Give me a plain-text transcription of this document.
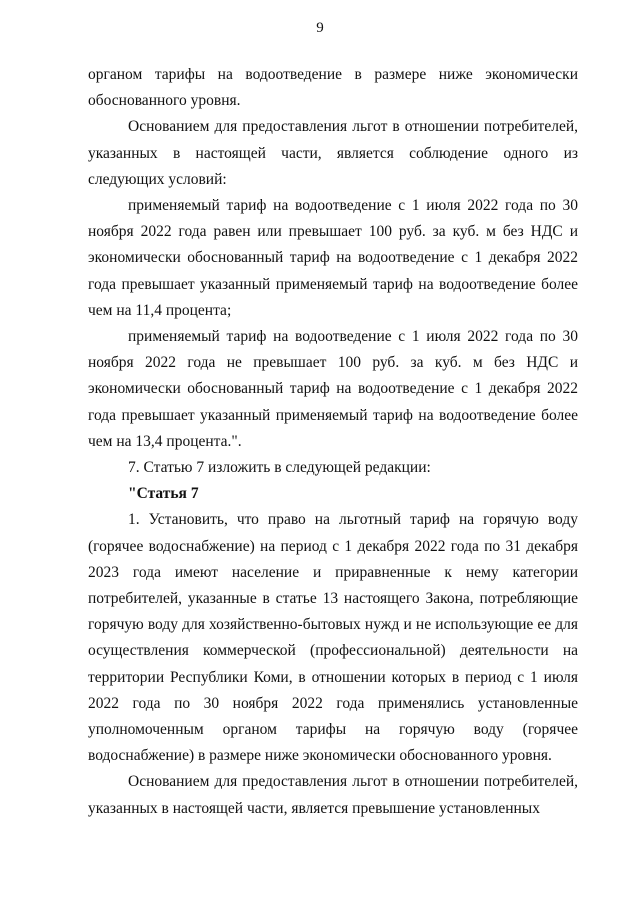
9

органом тарифы на водоотведение в размере ниже экономически обоснованного уровня.

Основанием для предоставления льгот в отношении потребителей, указанных в настоящей части, является соблюдение одного из следующих условий:

применяемый тариф на водоотведение с 1 июля 2022 года по 30 ноября 2022 года равен или превышает 100 руб. за куб. м без НДС и экономически обоснованный тариф на водоотведение с 1 декабря 2022 года превышает указанный применяемый тариф на водоотведение более чем на 11,4 процента;

применяемый тариф на водоотведение с 1 июля 2022 года по 30 ноября 2022 года не превышает 100 руб. за куб. м без НДС и экономически обоснованный тариф на водоотведение с 1 декабря 2022 года превышает указанный применяемый тариф на водоотведение более чем на 13,4 процента.".

7. Статью 7 изложить в следующей редакции:

"Статья 7

1. Установить, что право на льготный тариф на горячую воду (горячее водоснабжение) на период с 1 декабря 2022 года по 31 декабря 2023 года имеют население и приравненные к нему категории потребителей, указанные в статье 13 настоящего Закона, потребляющие горячую воду для хозяйственно-бытовых нужд и не использующие ее для осуществления коммерческой (профессиональной) деятельности на территории Республики Коми, в отношении которых в период с 1 июля 2022 года по 30 ноября 2022 года применялись установленные уполномоченным органом тарифы на горячую воду (горячее водоснабжение) в размере ниже экономически обоснованного уровня.

Основанием для предоставления льгот в отношении потребителей, указанных в настоящей части, является превышение установленных
